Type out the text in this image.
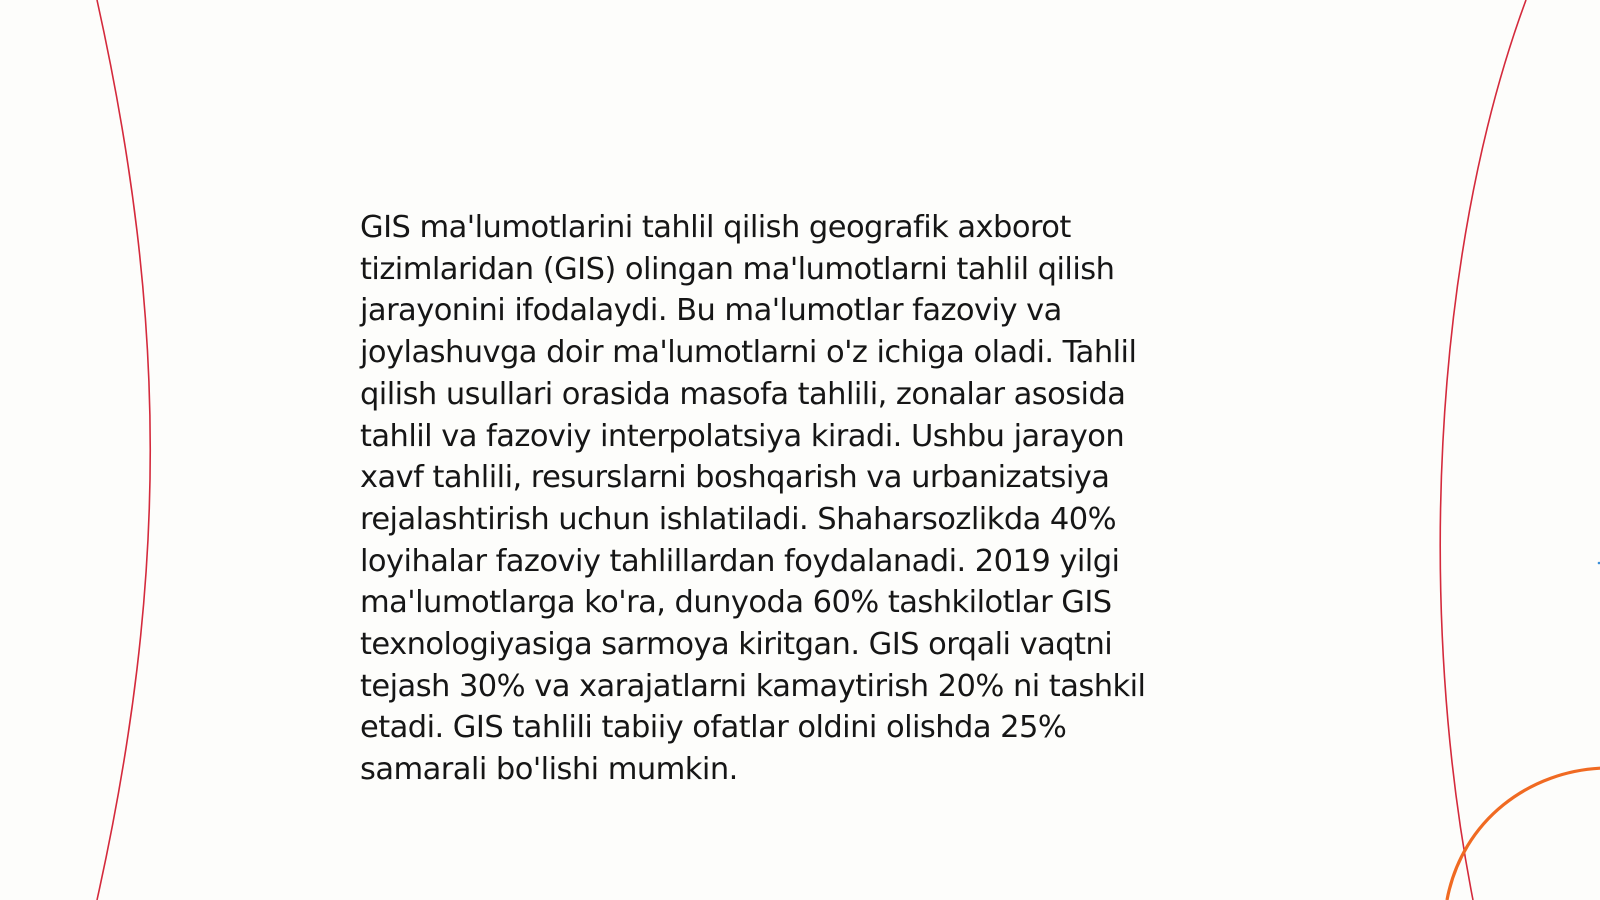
GIS ma'lumotlarini tahlil qilish geografik axborot
tizimlaridan (GIS) olingan ma'lumotlarni tahlil qilish
jarayonini ifodalaydi. Bu ma'lumotlar fazoviy va
joylashuvga doir ma'lumotlarni o'z ichiga oladi. Tahlil
qilish usullari orasida masofa tahlili, zonalar asosida
tahlil va fazoviy interpolatsiya kiradi. Ushbu jarayon
xavf tahlili, resurslarni boshqarish va urbanizatsiya
rejalashtirish uchun ishlatiladi. Shaharsozlikda 40%
loyihalar fazoviy tahlillardan foydalanadi. 2019 yilgi
ma'lumotlarga ko'ra, dunyoda 60% tashkilotlar GIS
texnologiyasiga sarmoya kiritgan. GIS orqali vaqtni
tejash 30% va xarajatlarni kamaytirish 20% ni tashkil
etadi. GIS tahlili tabiiy ofatlar oldini olishda 25%
samarali bo'lishi mumkin.
